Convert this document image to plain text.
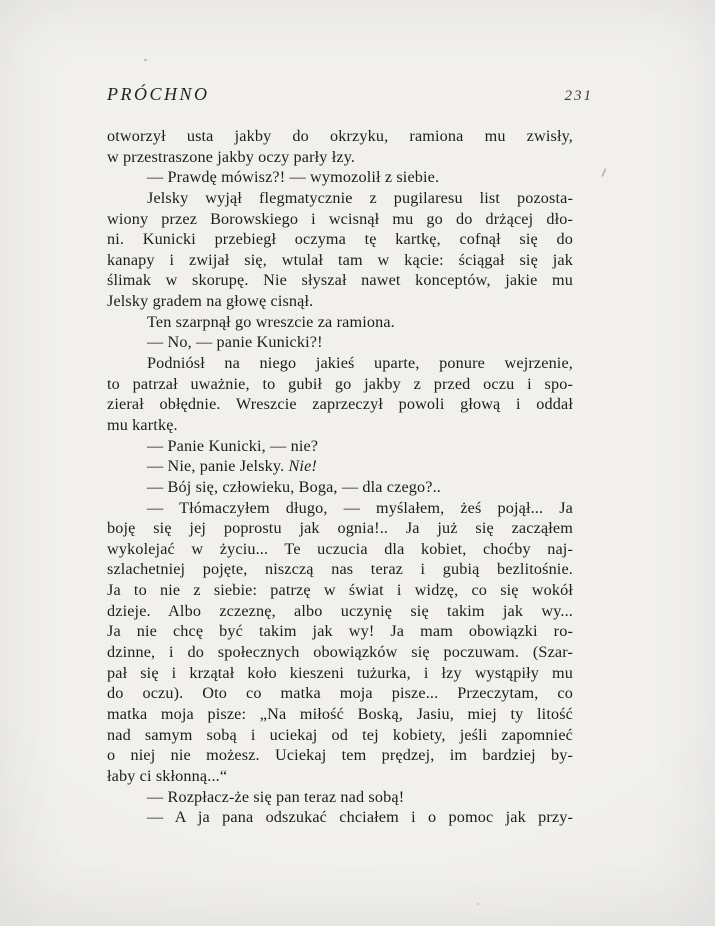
PRÓCHNO	231
otworzył usta jakby do okrzyku, ramiona mu zwisły,
w przestraszone jakby oczy parły łzy.
— Prawdę mówisz?! — wymozolił z siebie.
Jelsky wyjął flegmatycznie z pugilaresu list pozosta-
wiony przez Borowskiego i wcisnął mu go do drżącej dło-
ni. Kunicki przebiegł oczyma tę kartkę, cofnął się do
kanapy i zwijał się, wtulał tam w kącie: ściągał się jak
ślimak w skorupę. Nie słyszał nawet konceptów, jakie mu
Jelsky gradem na głowę cisnął.
Ten szarpnął go wreszcie za ramiona.
— No, — panie Kunicki?!
Podniósł na niego jakieś uparte, ponure wejrzenie,
to patrzał uważnie, to gubił go jakby z przed oczu i spo-
zierał obłędnie. Wreszcie zaprzeczył powoli głową i oddał
mu kartkę.
— Panie Kunicki, — nie?
— Nie, panie Jelsky. Nie!
— Bój się, człowieku, Boga, — dla czego?..
— Tłómaczyłem długo, — myślałem, żeś pojął... Ja
boję się jej poprostu jak ognia!.. Ja już się zacząłem
wykolejać w życiu... Te uczucia dla kobiet, choćby naj-
szlachetniej pojęte, niszczą nas teraz i gubią bezlitośnie.
Ja to nie z siebie: patrzę w świat i widzę, co się wokół
dzieje. Albo zczeznę, albo uczynię się takim jak wy...
Ja nie chcę być takim jak wy! Ja mam obowiązki ro-
dzinne, i do społecznych obowiązków się poczuwam. (Szar-
pał się i krzątał koło kieszeni tużurka, i łzy wystąpiły mu
do oczu). Oto co matka moja pisze... Przeczytam, co
matka moja pisze: „Na miłość Boską, Jasiu, miej ty litość
nad samym sobą i uciekaj od tej kobiety, jeśli zapomnieć
o niej nie możesz. Uciekaj tem prędzej, im bardziej by-
łaby ci skłonną...“
— Rozpłacz-że się pan teraz nad sobą!
— A ja pana odszukać chciałem i o pomoc jak przy-
